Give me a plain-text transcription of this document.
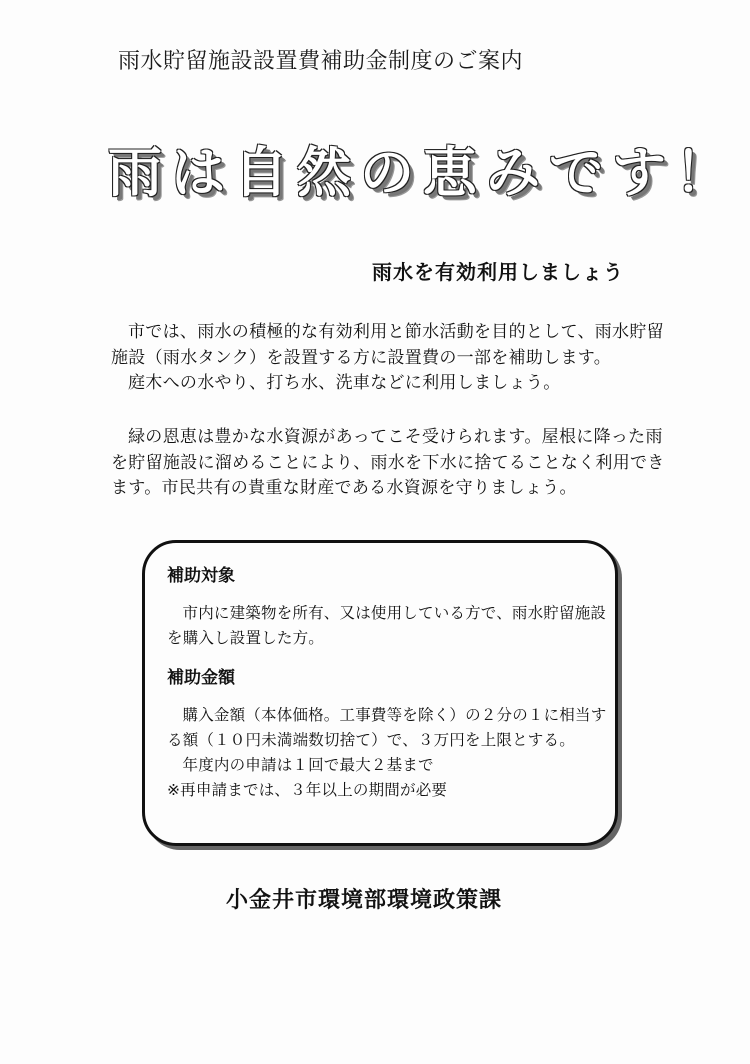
雨水貯留施設設置費補助金制度のご案内
雨は自然の恵みです！
雨水を有効利用しましょう

市では、雨水の積極的な有効利用と節水活動を目的として、雨水貯留施設（雨水タンク）を設置する方に設置費の一部を補助します。

庭木への水やり、打ち水、洗車などに利用しましょう。

緑の恩恵は豊かな水資源があってこそ受けられます。屋根に降った雨を貯留施設に溜めることにより、雨水を下水に捨てることなく利用できます。市民共有の貴重な財産である水資源を守りましょう。

補助対象

市内に建築物を所有、又は使用している方で、雨水貯留施設を購入し設置した方。

補助金額

購入金額（本体価格。工事費等を除く）の２分の１に相当する額（１０円未満端数切捨て）で、３万円を上限とする。

年度内の申請は１回で最大２基まで

※再申請までは、３年以上の期間が必要

小金井市環境部環境政策課
